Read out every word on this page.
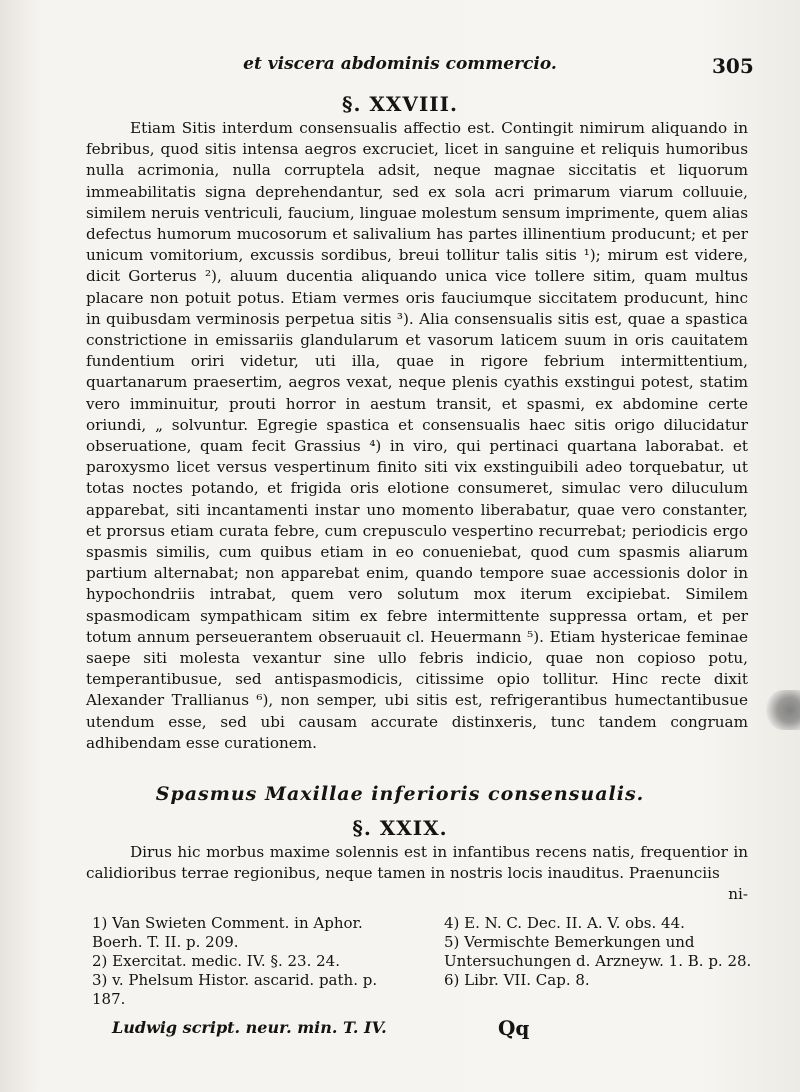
et viscera abdominis commercio.	305
§. XXVIII.

Etiam Sitis interdum consensualis affectio est. Contingit nimirum aliquando in febribus, quod sitis intensa aegros excruciet, licet in sanguine et reliquis humoribus nulla acrimonia, nulla corruptela adsit, neque magnae siccitatis et liquorum immeabilitatis signa deprehendantur, sed ex sola acri primarum viarum colluuie, similem neruis ventriculi, faucium, linguae molestum sensum imprimente, quem alias defectus humorum mucosorum et salivalium has partes illinentium producunt; et per unicum vomitorium, excussis sordibus, breui tollitur talis sitis ¹); mirum est videre, dicit Gorterus ²), aluum ducentia aliquando unica vice tollere sitim, quam multus placare non potuit potus. Etiam vermes oris fauciumque siccitatem producunt, hinc in quibusdam verminosis perpetua sitis ³). Alia consensualis sitis est, quae a spastica constrictione in emissariis glandularum et vasorum laticem suum in oris cauitatem fundentium oriri videtur, uti illa, quae in rigore febrium intermittentium, quartanarum praesertim, aegros vexat, neque plenis cyathis exstingui potest, statim vero imminuitur, prouti horror in aestum transit, et spasmi, ex abdomine certe oriundi, „ solvuntur. Egregie spastica et consensualis haec sitis origo dilucidatur obseruatione, quam fecit Grassius ⁴) in viro, qui pertinaci quartana laborabat. et paroxysmo licet versus vespertinum finito siti vix exstinguibili adeo torquebatur, ut totas noctes potando, et frigida oris elotione consumeret, simulac vero diluculum apparebat, siti incantamenti instar uno momento liberabatur, quae vero constanter, et prorsus etiam curata febre, cum crepusculo vespertino recurrebat; periodicis ergo spasmis similis, cum quibus etiam in eo conueniebat, quod cum spasmis aliarum partium alternabat; non apparebat enim, quando tempore suae accessionis dolor in hypochondriis intrabat, quem vero solutum mox iterum excipiebat. Similem spasmodicam sympathicam sitim ex febre intermittente suppressa ortam, et per totum annum perseuerantem obseruauit cl. Heuermann ⁵). Etiam hystericae feminae saepe siti molesta vexantur sine ullo febris indicio, quae non copioso potu, temperantibusue, sed antispasmodicis, citissime opio tollitur. Hinc recte dixit Alexander Trallianus ⁶), non semper, ubi sitis est, refrigerantibus humectantibusue utendum esse, sed ubi causam accurate distinxeris, tunc tandem congruam adhibendam esse curationem.

Spasmus Maxillae inferioris consensualis.
§. XXIX.

Dirus hic morbus maxime solennis est in infantibus recens natis, frequentior in calidioribus terrae regionibus, neque tamen in nostris locis inauditus. Praenunciis
ni-

1) Van Swieten Comment. in Aphor. Boerh. T. II. p. 209.

2) Exercitat. medic. IV. §. 23. 24.

3) v. Phelsum Histor. ascarid. path. p. 187.

4) E. N. C. Dec. II. A. V. obs. 44.

5) Vermischte Bemerkungen und Untersuchungen d. Arzneyw. 1. B. p. 28.

6) Libr. VII. Cap. 8.

Ludwig script. neur. min. T. IV.	Qq
